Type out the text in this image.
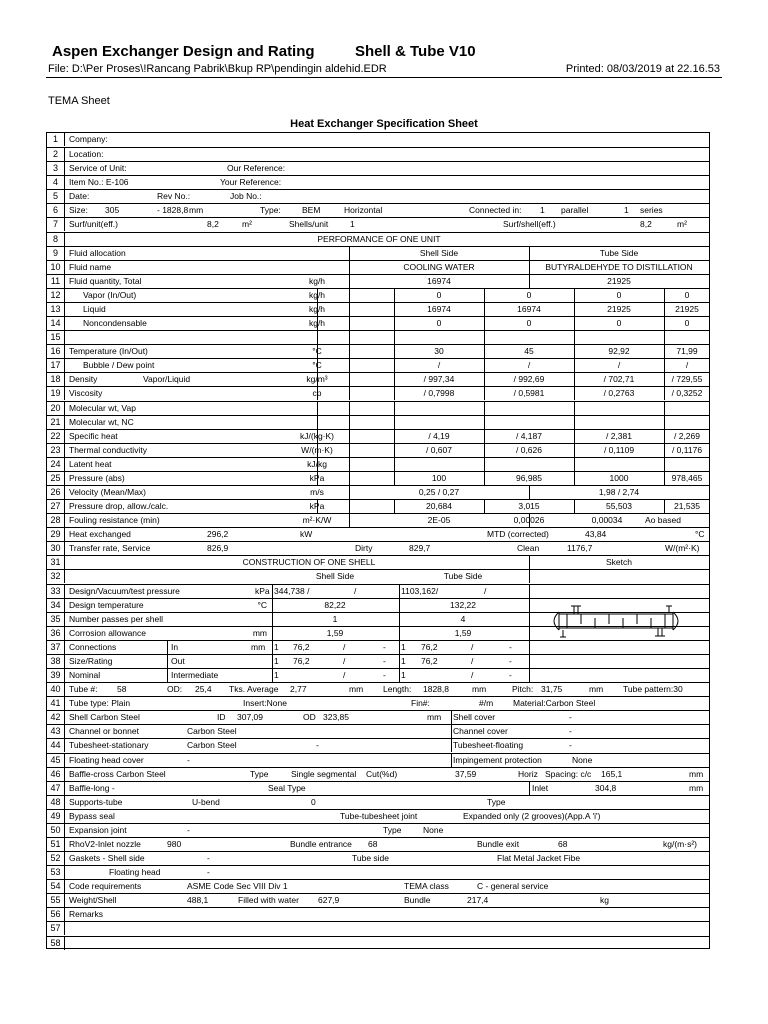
Aspen Exchanger Design and Rating	Shell & Tube V10
File: D:\Per Proses\!Rancang Pabrik\Bkup RP\pendingin aldehid.EDR	Printed: 08/03/2019 at 22.16.53
TEMA Sheet
Heat Exchanger Specification Sheet
1	Company:
2	Location:
3	Service of Unit:	Our Reference:
4	Item No.: E-106	Your Reference:
5	Date:	Rev No.:	Job No.:
6	Size: 305	- 1828,8 mm	Type: BEM	Horizontal	Connected in: 1 parallel	1 series
7	Surf/unit(eff.)	8,2	m²	Shells/unit	1	Surf/shell(eff.)	8,2	m²
8	PERFORMANCE OF ONE UNIT
9	Fluid allocation	Shell Side	Tube Side
10	Fluid name	COOLING WATER	BUTYRALDEHYDE TO DISTILLATION
11	Fluid quantity, Total	kg/h	16974	21925
12	Vapor (In/Out)	kg/h	0	0	0	0
13	Liquid	kg/h	16974	16974	21925	21925
14	Noncondensable	kg/h	0	0	0	0
15
16	Temperature (In/Out)	°C	30	45	92,92	71,99
17	Bubble / Dew point	°C	/	/	/	/
18	Density	Vapor/Liquid	kg/m³	/ 997,34	/ 992,69	/ 702,71	/ 729,55
19	Viscosity	cp	/ 0,7998	/ 0,5981	/ 0,2763	/ 0,3252
20	Molecular wt, Vap
21	Molecular wt, NC
22	Specific heat	kJ/(kg·K)	/ 4,19	/ 4,187	/ 2,381	/ 2,269
23	Thermal conductivity	W/(m·K)	/ 0,607	/ 0,626	/ 0,1109	/ 0,1176
24	Latent heat	kJ/kg
25	Pressure (abs)	kPa	100	96,985	1000	978,465
26	Velocity (Mean/Max)	m/s	0,25 / 0,27	1,98 / 2,74
27	Pressure drop, allow./calc.	kPa	20,684	3,015	55,503	21,535
28	Fouling resistance (min)	m²·K/W	2E-05	0,00026	0,00034	Ao based
29	Heat exchanged	296,2	kW	MTD (corrected)	43,84	°C
30	Transfer rate, Service	826,9	Dirty	829,7	Clean	1176,7	W/(m²·K)
31	CONSTRUCTION OF ONE SHELL	Sketch
32	Shell Side	Tube Side
33	Design/Vacuum/test pressure	kPa 344,738 /	/	1103,162/	/
34	Design temperature	°C	82,22	132,22
35	Number passes per shell	1	4
36	Corrosion allowance	mm	1,59	1,59
37	Connections	In	mm 1 76,2	/	- 1 76,2	/	-
38	Size/Rating	Out	1 76,2	/	- 1 76,2	/	-
39	Nominal	Intermediate	1	/	- 1	/	-
40	Tube #: 58	OD: 25,4 Tks. Average 2,77	mm Length: 1828,8	mm	Pitch: 31,75	mm Tube pattern:30
41	Tube type: Plain	Insert:None	Fin#:	#/m Material:Carbon Steel
42	Shell Carbon Steel	ID 307,09	OD 323,85	mm Shell cover	-
43	Channel or bonnet	Carbon Steel	Channel cover	-
44	Tubesheet-stationary	Carbon Steel	-	Tubesheet-floating	-
45	Floating head cover	-	Impingement protection	None
46	Baffle-cross Carbon Steel	Type	Single segmental Cut(%d)	37,59	Horiz Spacing: c/c 165,1	mm
47	Baffle-long -	Seal Type	Inlet	304,8	mm
48	Supports-tube	U-bend	0	Type
49	Bypass seal	Tube-tubesheet joint	Expanded only (2 grooves)(App.A 'i')
50	Expansion joint	-	Type	None
51	RhoV2-Inlet nozzle	980	Bundle entrance 68	Bundle exit	68	kg/(m·s²)
52	Gaskets - Shell side	-	Tube side	Flat Metal Jacket Fibe
53	Floating head	-
54	Code requirements	ASME Code Sec VIII Div 1	TEMA class	C - general service
55	Weight/Shell	488,1	Filled with water 627,9	Bundle	217,4	kg
56	Remarks
57
58
